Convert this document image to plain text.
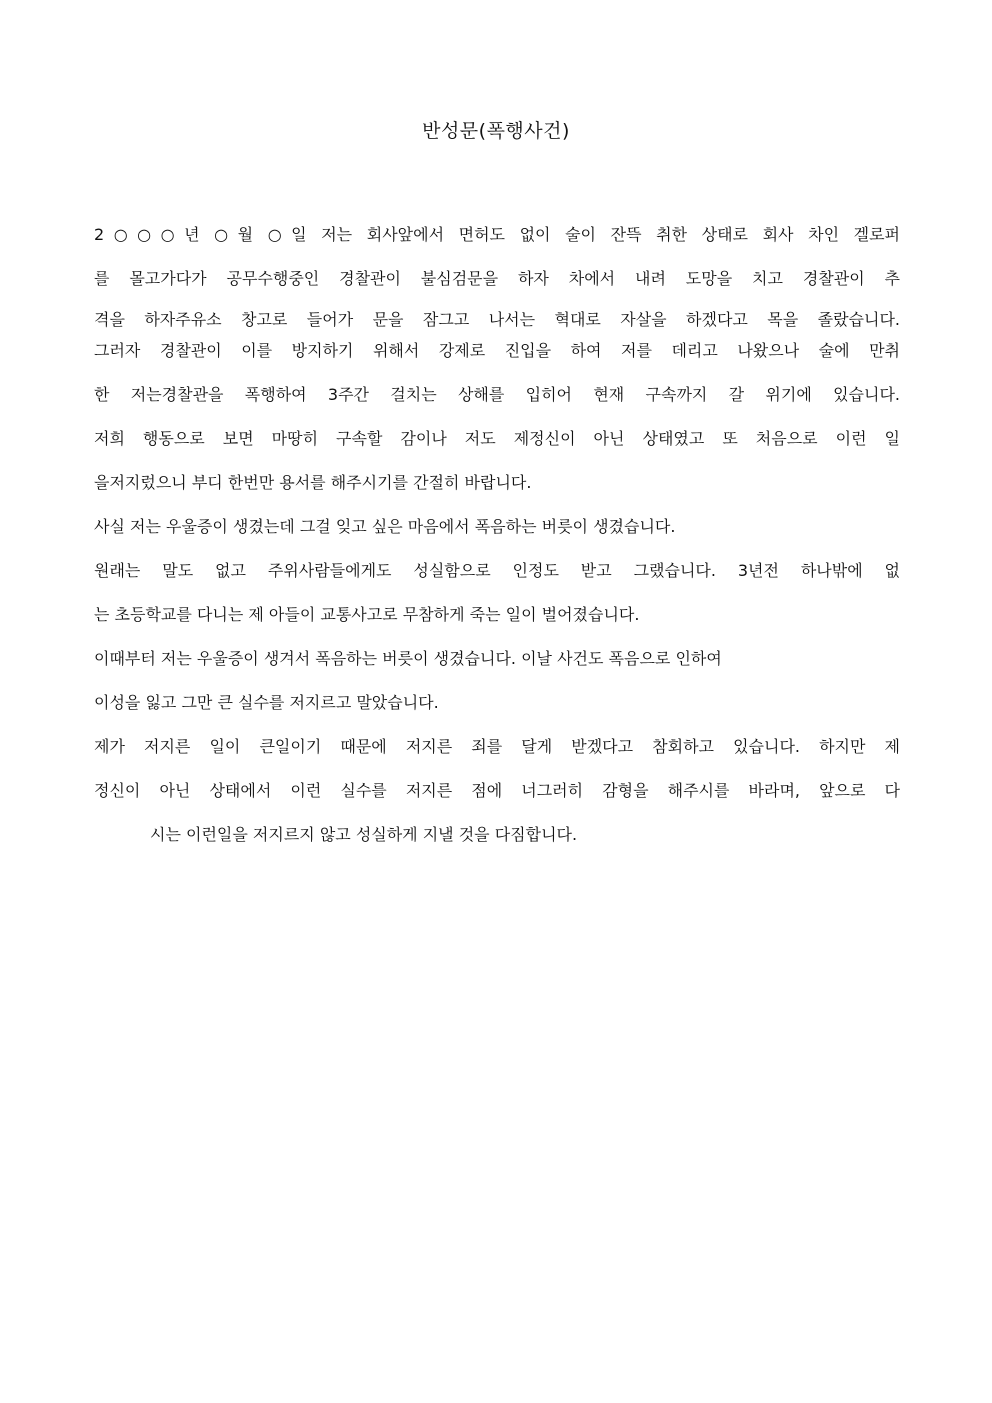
반성문(폭행사건)
2○○○년 ○월 ○일 저는 회사앞에서 면허도 없이 술이 잔뜩 취한 상태로 회사 차인 겔로퍼
를 몰고가다가 공무수행중인 경찰관이 불심검문을 하자 차에서 내려 도망을 치고 경찰관이 추
격을 하자주유소 창고로 들어가 문을 잠그고 나서는 혁대로 자살을 하겠다고 목을 졸랐습니다.
그러자 경찰관이 이를 방지하기 위해서 강제로 진입을 하여 저를 데리고 나왔으나 술에 만취
한 저는경찰관을 폭행하여 3주간 걸치는 상해를 입히어 현재 구속까지 갈 위기에 있습니다.
저희 행동으로 보면 마땅히 구속할 감이나 저도 제정신이 아닌 상태였고 또 처음으로 이런 일
을저지렀으니 부디 한번만 용서를 해주시기를 간절히 바랍니다.
사실 저는 우울증이 생겼는데 그걸 잊고 싶은 마음에서 폭음하는 버릇이 생겼습니다.
원래는 말도 없고 주위사람들에게도 성실함으로 인정도 받고 그랬습니다. 3년전 하나밖에 없
는 초등학교를 다니는 제 아들이 교통사고로 무참하게 죽는 일이 벌어졌습니다.
이때부터 저는 우울증이 생겨서 폭음하는 버릇이 생겼습니다. 이날 사건도 폭음으로 인하여
이성을 잃고 그만 큰 실수를 저지르고 말았습니다.
제가 저지른 일이 큰일이기 때문에 저지른 죄를 달게 받겠다고 참회하고 있습니다. 하지만 제
정신이 아닌 상태에서 이런 실수를 저지른 점에 너그러히 감형을 해주시를 바라며, 앞으로 다
시는 이런일을 저지르지 않고 성실하게 지낼 것을 다짐합니다.
